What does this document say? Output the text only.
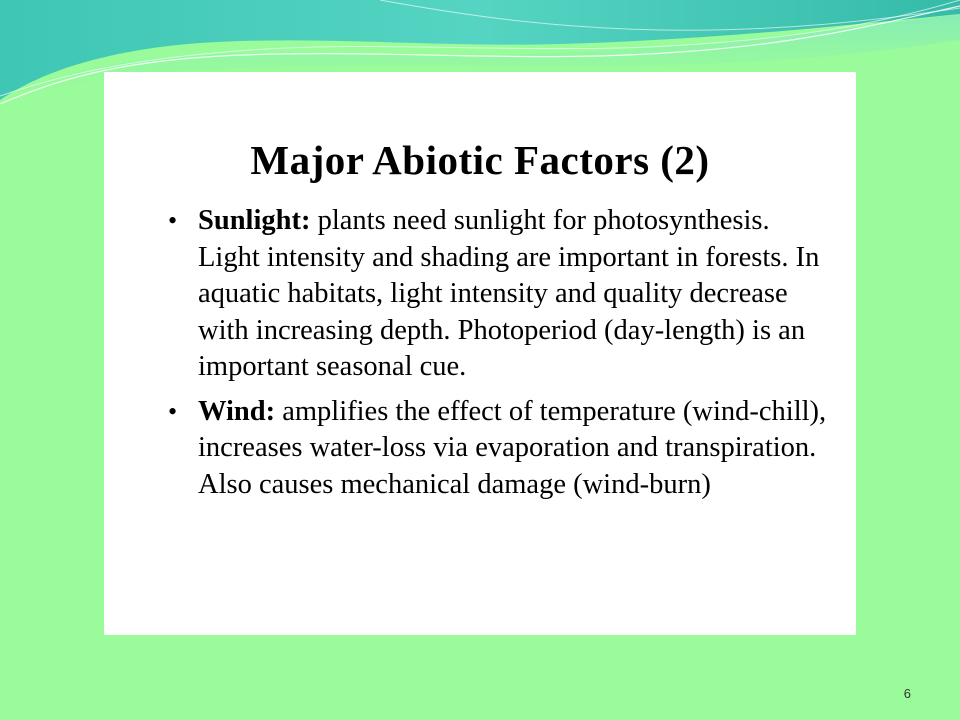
Major Abiotic Factors (2)
• Sunlight: plants need sunlight for photosynthesis. Light intensity and shading are important in forests. In aquatic habitats, light intensity and quality decrease with increasing depth. Photoperiod (day-length) is an important seasonal cue.
• Wind: amplifies the effect of temperature (wind-chill), increases water-loss via evaporation and transpiration. Also causes mechanical damage (wind-burn)
6
